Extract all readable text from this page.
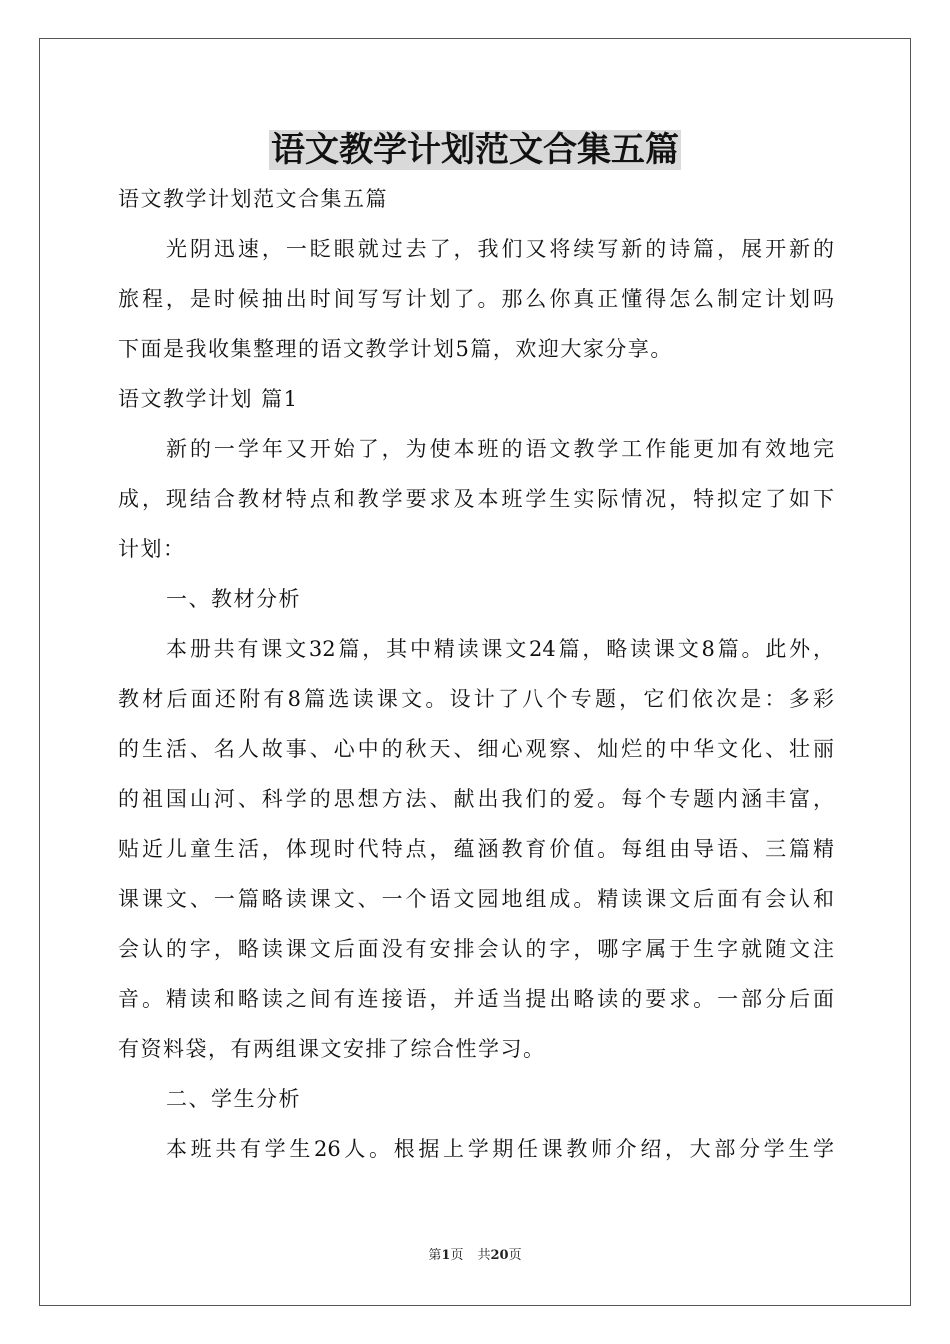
语文教学计划范文合集五篇

语文教学计划范文合集五篇

光阴迅速，一眨眼就过去了，我们又将续写新的诗篇，展开新的

旅程，是时候抽出时间写写计划了。那么你真正懂得怎么制定计划吗

下面是我收集整理的语文教学计划5篇，欢迎大家分享。

语文教学计划 篇1

新的一学年又开始了，为使本班的语文教学工作能更加有效地完

成，现结合教材特点和教学要求及本班学生实际情况，特拟定了如下

计划：

一、教材分析

本册共有课文32篇，其中精读课文24篇，略读课文8篇。此外，

教材后面还附有8篇选读课文。设计了八个专题，它们依次是：多彩

的生活、名人故事、心中的秋天、细心观察、灿烂的中华文化、壮丽

的祖国山河、科学的思想方法、献出我们的爱。每个专题内涵丰富，

贴近儿童生活，体现时代特点，蕴涵教育价值。每组由导语、三篇精

课课文、一篇略读课文、一个语文园地组成。精读课文后面有会认和

会认的字，略读课文后面没有安排会认的字，哪字属于生字就随文注

音。精读和略读之间有连接语，并适当提出略读的要求。一部分后面

有资料袋，有两组课文安排了综合性学习。

二、学生分析

本班共有学生26人。根据上学期任课教师介绍，大部分学生学

第1页 共20页
